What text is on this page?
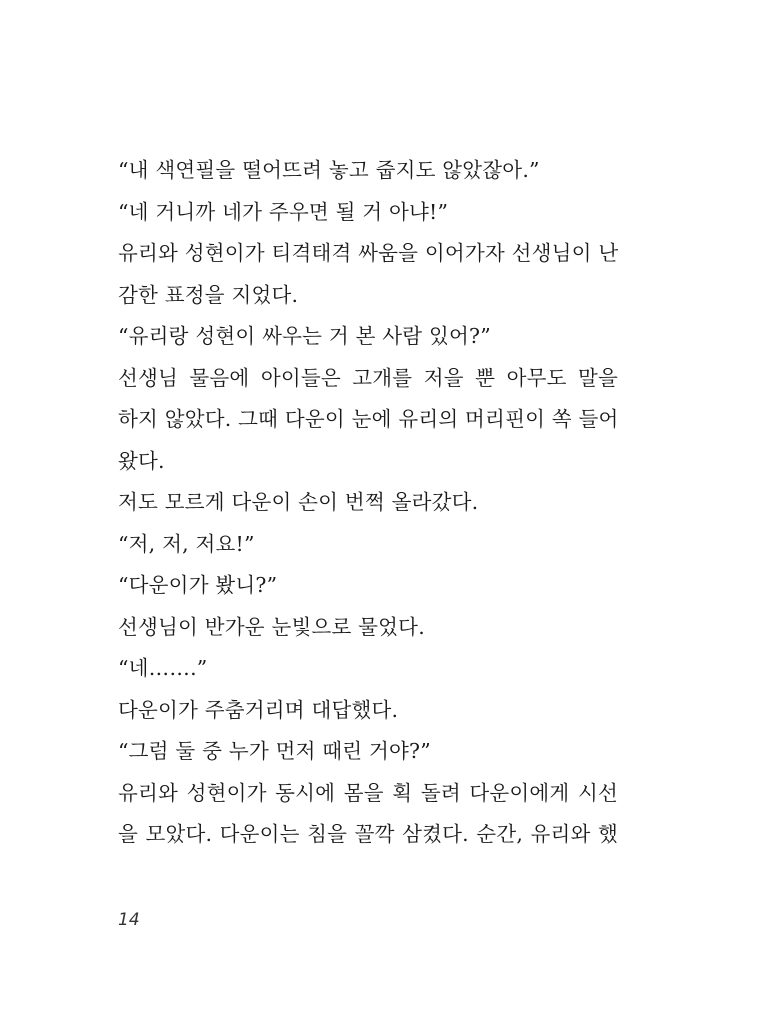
“내 색연필을 떨어뜨려 놓고 줍지도 않았잖아.”
“네 거니까 네가 주우면 될 거 아냐!”
유리와 성현이가 티격태격 싸움을 이어가자 선생님이 난
감한 표정을 지었다.
“유리랑 성현이 싸우는 거 본 사람 있어?”
선생님 물음에 아이들은 고개를 저을 뿐 아무도 말을
하지 않았다. 그때 다운이 눈에 유리의 머리핀이 쏙 들어
왔다.
저도 모르게 다운이 손이 번쩍 올라갔다.
“저, 저, 저요!”
“다운이가 봤니?”
선생님이 반가운 눈빛으로 물었다.
“네…….”
다운이가 주춤거리며 대답했다.
“그럼 둘 중 누가 먼저 때린 거야?”
유리와 성현이가 동시에 몸을 획 돌려 다운이에게 시선
을 모았다. 다운이는 침을 꼴깍 삼켰다. 순간, 유리와 했
14
